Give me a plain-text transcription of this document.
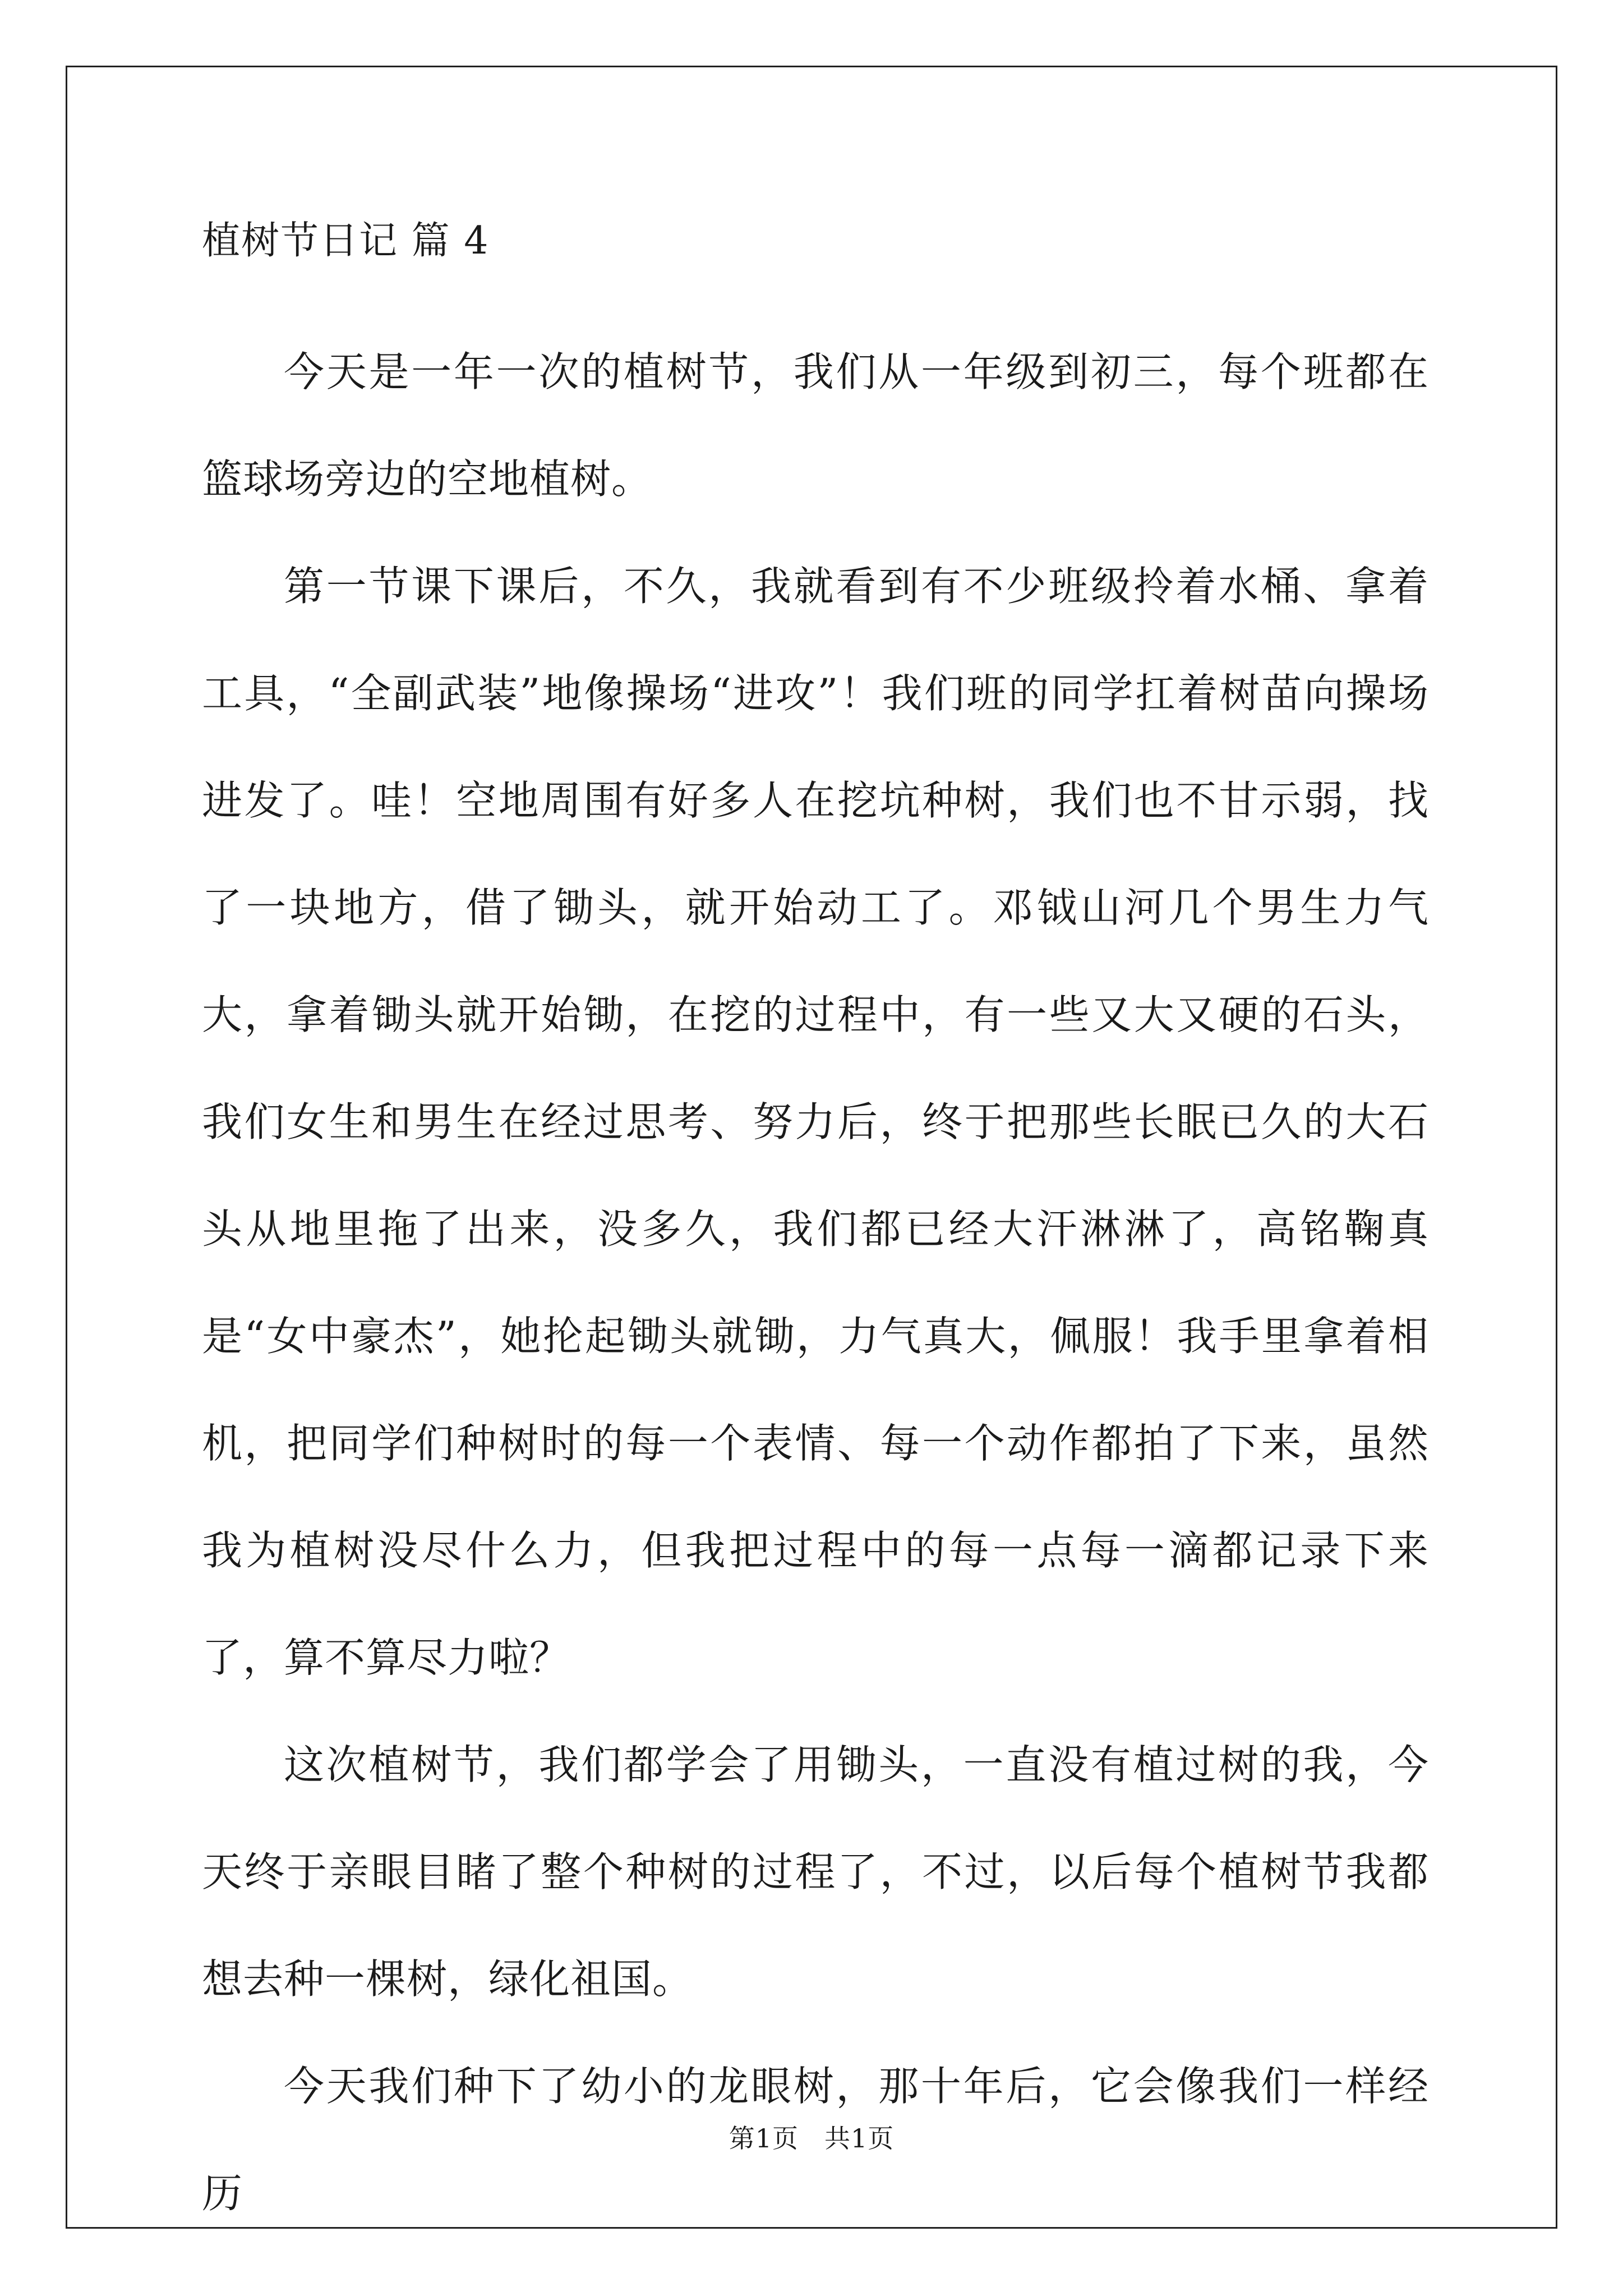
植树节日记 篇 4

今天是一年一次的植树节，我们从一年级到初三，每个班都在篮球场旁边的空地植树。

第一节课下课后，不久，我就看到有不少班级拎着水桶、拿着工具，“全副武装”地像操场“进攻”！我们班的同学扛着树苗向操场进发了。哇！空地周围有好多人在挖坑种树，我们也不甘示弱，找了一块地方，借了锄头，就开始动工了。邓钺山河几个男生力气大，拿着锄头就开始锄，在挖的过程中，有一些又大又硬的石头，我们女生和男生在经过思考、努力后，终于把那些长眠已久的大石头从地里拖了出来，没多久，我们都已经大汗淋淋了，高铭鞠真是“女中豪杰”，她抡起锄头就锄，力气真大，佩服！我手里拿着相机，把同学们种树时的每一个表情、每一个动作都拍了下来，虽然我为植树没尽什么力，但我把过程中的每一点每一滴都记录下来了，算不算尽力啦？

这次植树节，我们都学会了用锄头，一直没有植过树的我，今天终于亲眼目睹了整个种树的过程了，不过，以后每个植树节我都想去种一棵树，绿化祖国。

今天我们种下了幼小的龙眼树，那十年后，它会像我们一样经历

第1页 共1页
